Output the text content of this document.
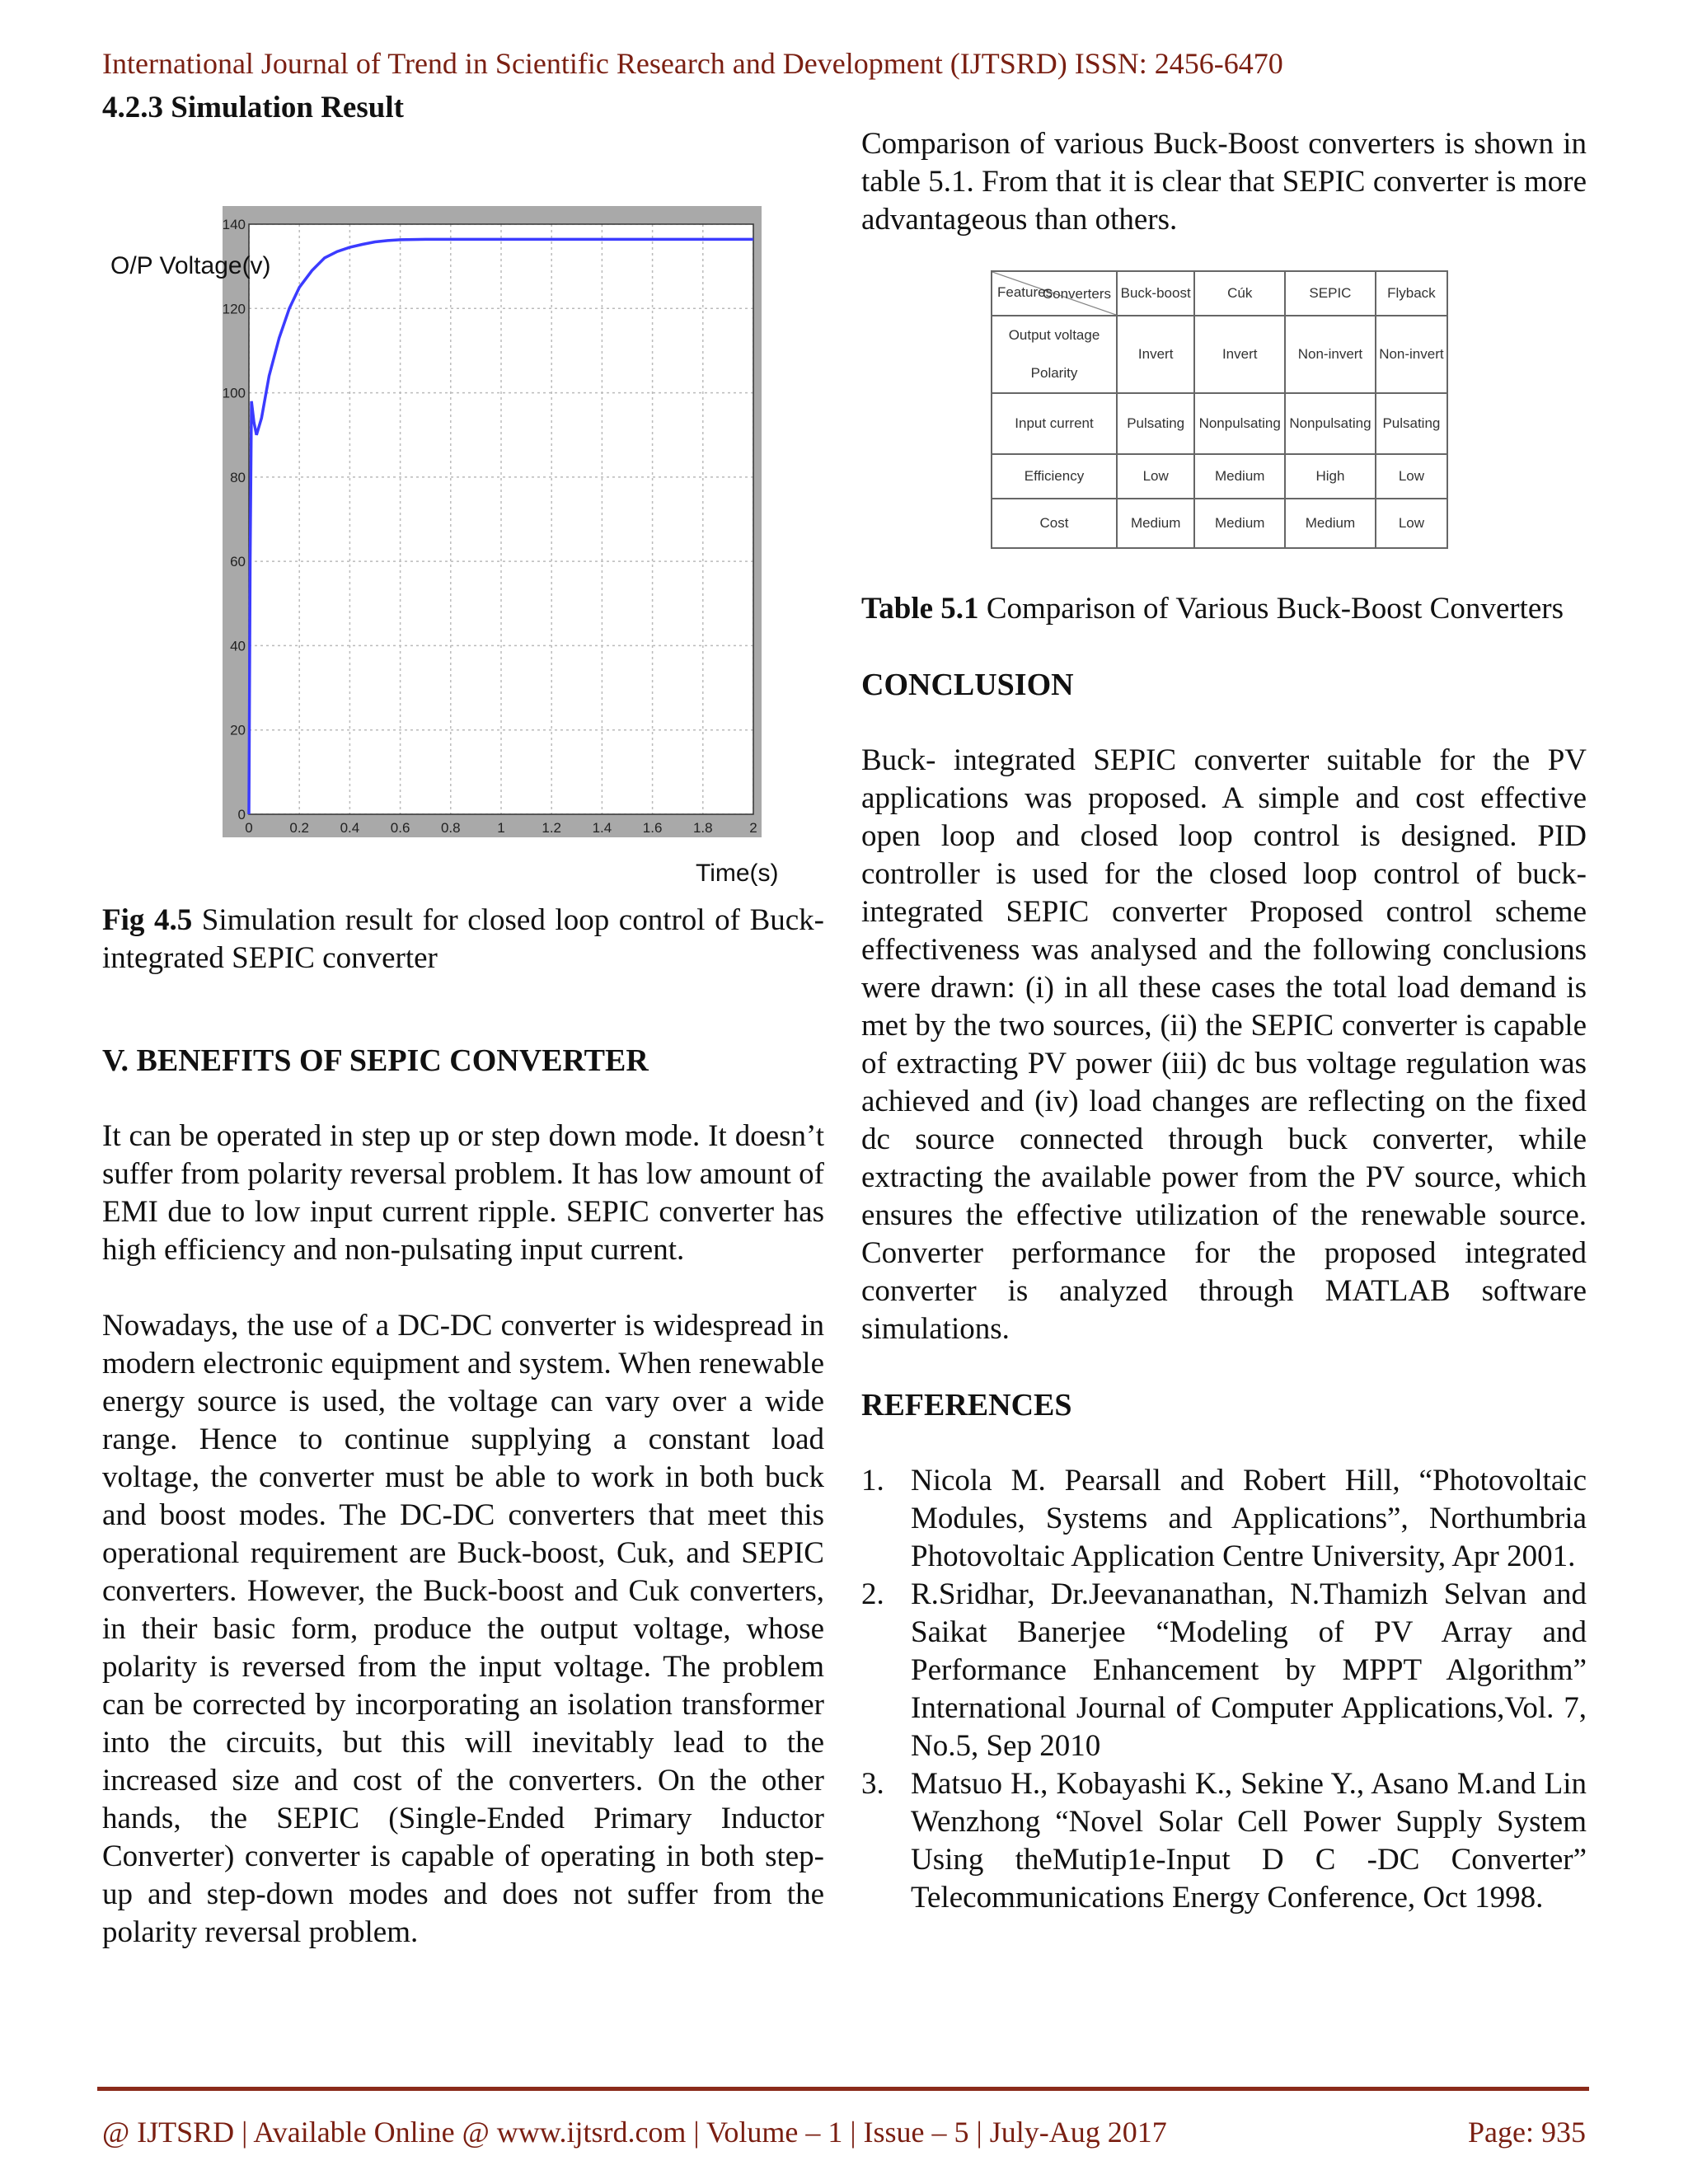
International Journal of Trend in Scientific Research and Development (IJTSRD) ISSN: 2456-6470
4.2.3 Simulation Result
0	0.2 0.4 0.6 0.8	1	1.2 1.4 1.6 1.8	2
0
20
40
60
80
100
120
140
O/P Voltage(v)
Time(s)

Fig 4.5 Simulation result for closed loop control of Buck- integrated SEPIC converter

V. BENEFITS OF SEPIC CONVERTER

It can be operated in step up or step down mode. It doesn’t suffer from polarity reversal problem. It has low amount of EMI due to low input current ripple. SEPIC converter has high efficiency and non-pulsating input current.

Nowadays, the use of a DC-DC converter is widespread in modern electronic equipment and system. When renewable energy source is used, the voltage can vary over a wide range. Hence to continue supplying a constant load voltage, the converter must be able to work in both buck and boost modes. The DC-DC converters that meet this operational requirement are Buck-boost, Cuk, and SEPIC converters. However, the Buck-boost and Cuk converters, in their basic form, produce the output voltage, whose polarity is reversed from the input voltage. The problem can be corrected by incorporating an isolation transformer into the circuits, but this will inevitably lead to the increased size and cost of the converters. On the other hands, the SEPIC (Single-Ended Primary Inductor Converter) converter is capable of operating in both step-up and step-down modes and does not suffer from the polarity reversal problem.

Comparison of various Buck-Boost converters is shown in table 5.1. From that it is clear that SEPIC converter is more advantageous than others.

Converters
Features	Buck-boost	Cúk	SEPIC	Flyback
Output voltage Polarity	Invert	Invert	Non-invert	Non-invert
Input current	Pulsating	Nonpulsating	Nonpulsating	Pulsating
Efficiency	Low	Medium	High	Low
Cost	Medium	Medium	Medium	Low

Table 5.1 Comparison of Various Buck-Boost Converters

CONCLUSION

Buck- integrated SEPIC converter suitable for the PV applications was proposed. A simple and cost effective open loop and closed loop control is designed. PID controller is used for the closed loop control of buck-integrated SEPIC converter Proposed control scheme effectiveness was analysed and the following conclusions were drawn: (i) in all these cases the total load demand is met by the two sources, (ii) the SEPIC converter is capable of extracting PV power (iii) dc bus voltage regulation was achieved and (iv) load changes are reflecting on the fixed dc source connected through buck converter, while extracting the available power from the PV source, which ensures the effective utilization of the renewable source. Converter performance for the proposed integrated converter is analyzed through MATLAB software simulations.

REFERENCES
1. Nicola M. Pearsall and Robert Hill, “Photovoltaic Modules, Systems and Applications”, Northumbria Photovoltaic Application Centre University, Apr 2001.
2. R.Sridhar, Dr.Jeevananathan, N.Thamizh Selvan and Saikat Banerjee “Modeling of PV Array and Performance Enhancement by MPPT Algorithm” International Journal of Computer Applications,Vol. 7, No.5, Sep 2010
3. Matsuo H., Kobayashi K., Sekine Y., Asano M.and Lin Wenzhong “Novel Solar Cell Power Supply System Using theMutip1e-Input D C -DC Converter” Telecommunications Energy Conference, Oct 1998.
@ IJTSRD | Available Online @ www.ijtsrd.com | Volume – 1 | Issue – 5 | July-Aug 2017	Page: 935
